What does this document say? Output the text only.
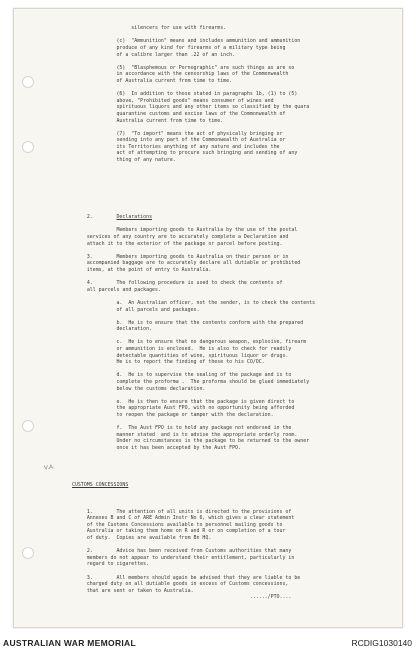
silencers for use with firearms.

(c)  "Ammunition" means and includes ammunition and ammunition
produce of any kind for firearms of a military type being
of a calibre larger than .22 of an inch.

(5)  "Blasphemous or Pornographic" are such things as are so
in accordance with the censorship laws of the Commonwealth
of Australia current from time to time.

(6)  In addition to those stated in paragraphs 1b, (1) to (5)
above, "Prohibited goods" means consumer of wines and
spirituous liquors and any other items so classified by the quara
quarantine customs and excise laws of the Commonwealth of
Australia current from time to time.

(7)  "To import" means the act of physically bringing or
sending into any part of the Commonwealth of Australia or
its Territories anything of any nature and includes the
act of attempting to procure such bringing and sending of any
thing of any nature.

2.        Declarations

Members importing goods to Australia by the use of the postal
services of any country are to accurately complete a Declaration and
attach it to the exterior of the package or parcel before posting.

3.        Members importing goods to Australia on their person or in
accompanied baggage are to accurately declare all dutiable or prohibited
items, at the point of entry to Australia.

4.        The following procedure is used to check the contents of
all parcels and packages.

a.  An Australian officer, not the sender, is to check the contents
of all parcels and packages.

b.  He is to ensure that the contents conform with the prepared
declaration.

c.  He is to ensure that no dangerous weapon, explosive, firearm
or ammunition is enclosed.  He is also to check for readily
detectable quantities of wine, spirituous liquor or drugs.
He is to report the finding of these to his CO/OC.

d.  He is to supervise the sealing of the package and is to
complete the proforma .  The proforma should be glued immediately
below the customs declaration.

e.  He is then to ensure that the package is given direct to
the appropriate Aust FPO, with no opportunity being afforded
to reopen the package or tamper with the declaration.

f.  The Aust FPO is to hold any package not endorsed in the
manner stated  and is to advise the appropriate orderly room.
Under no circumstances is the package to be returned to the owner
once it has been accepted by the Aust FPO.

V.A.

CUSTOMS CONCESSIONS

1.        The attention of all units is directed to the provisions of
Annexes B and C of ARE Admin Instr No 6, which gives a clear statement
of the Customs Concessions available to personnel mailing goods to
Australia or taking them home on R and R or on completion of a tour
of duty.  Copies are available from Bn HQ.

2.        Advice has been received from Customs authorities that many
members do not appear to understand their entitlement, particularly in
regard to cigarettes.

3.        All members should again be advised that they are liable to be
charged duty on all dutiable goods in excess of Customs concessions,
that are sent or taken to Australia.
....../PTO....

AUSTRALIAN WAR MEMORIAL	RCDIG1030140
